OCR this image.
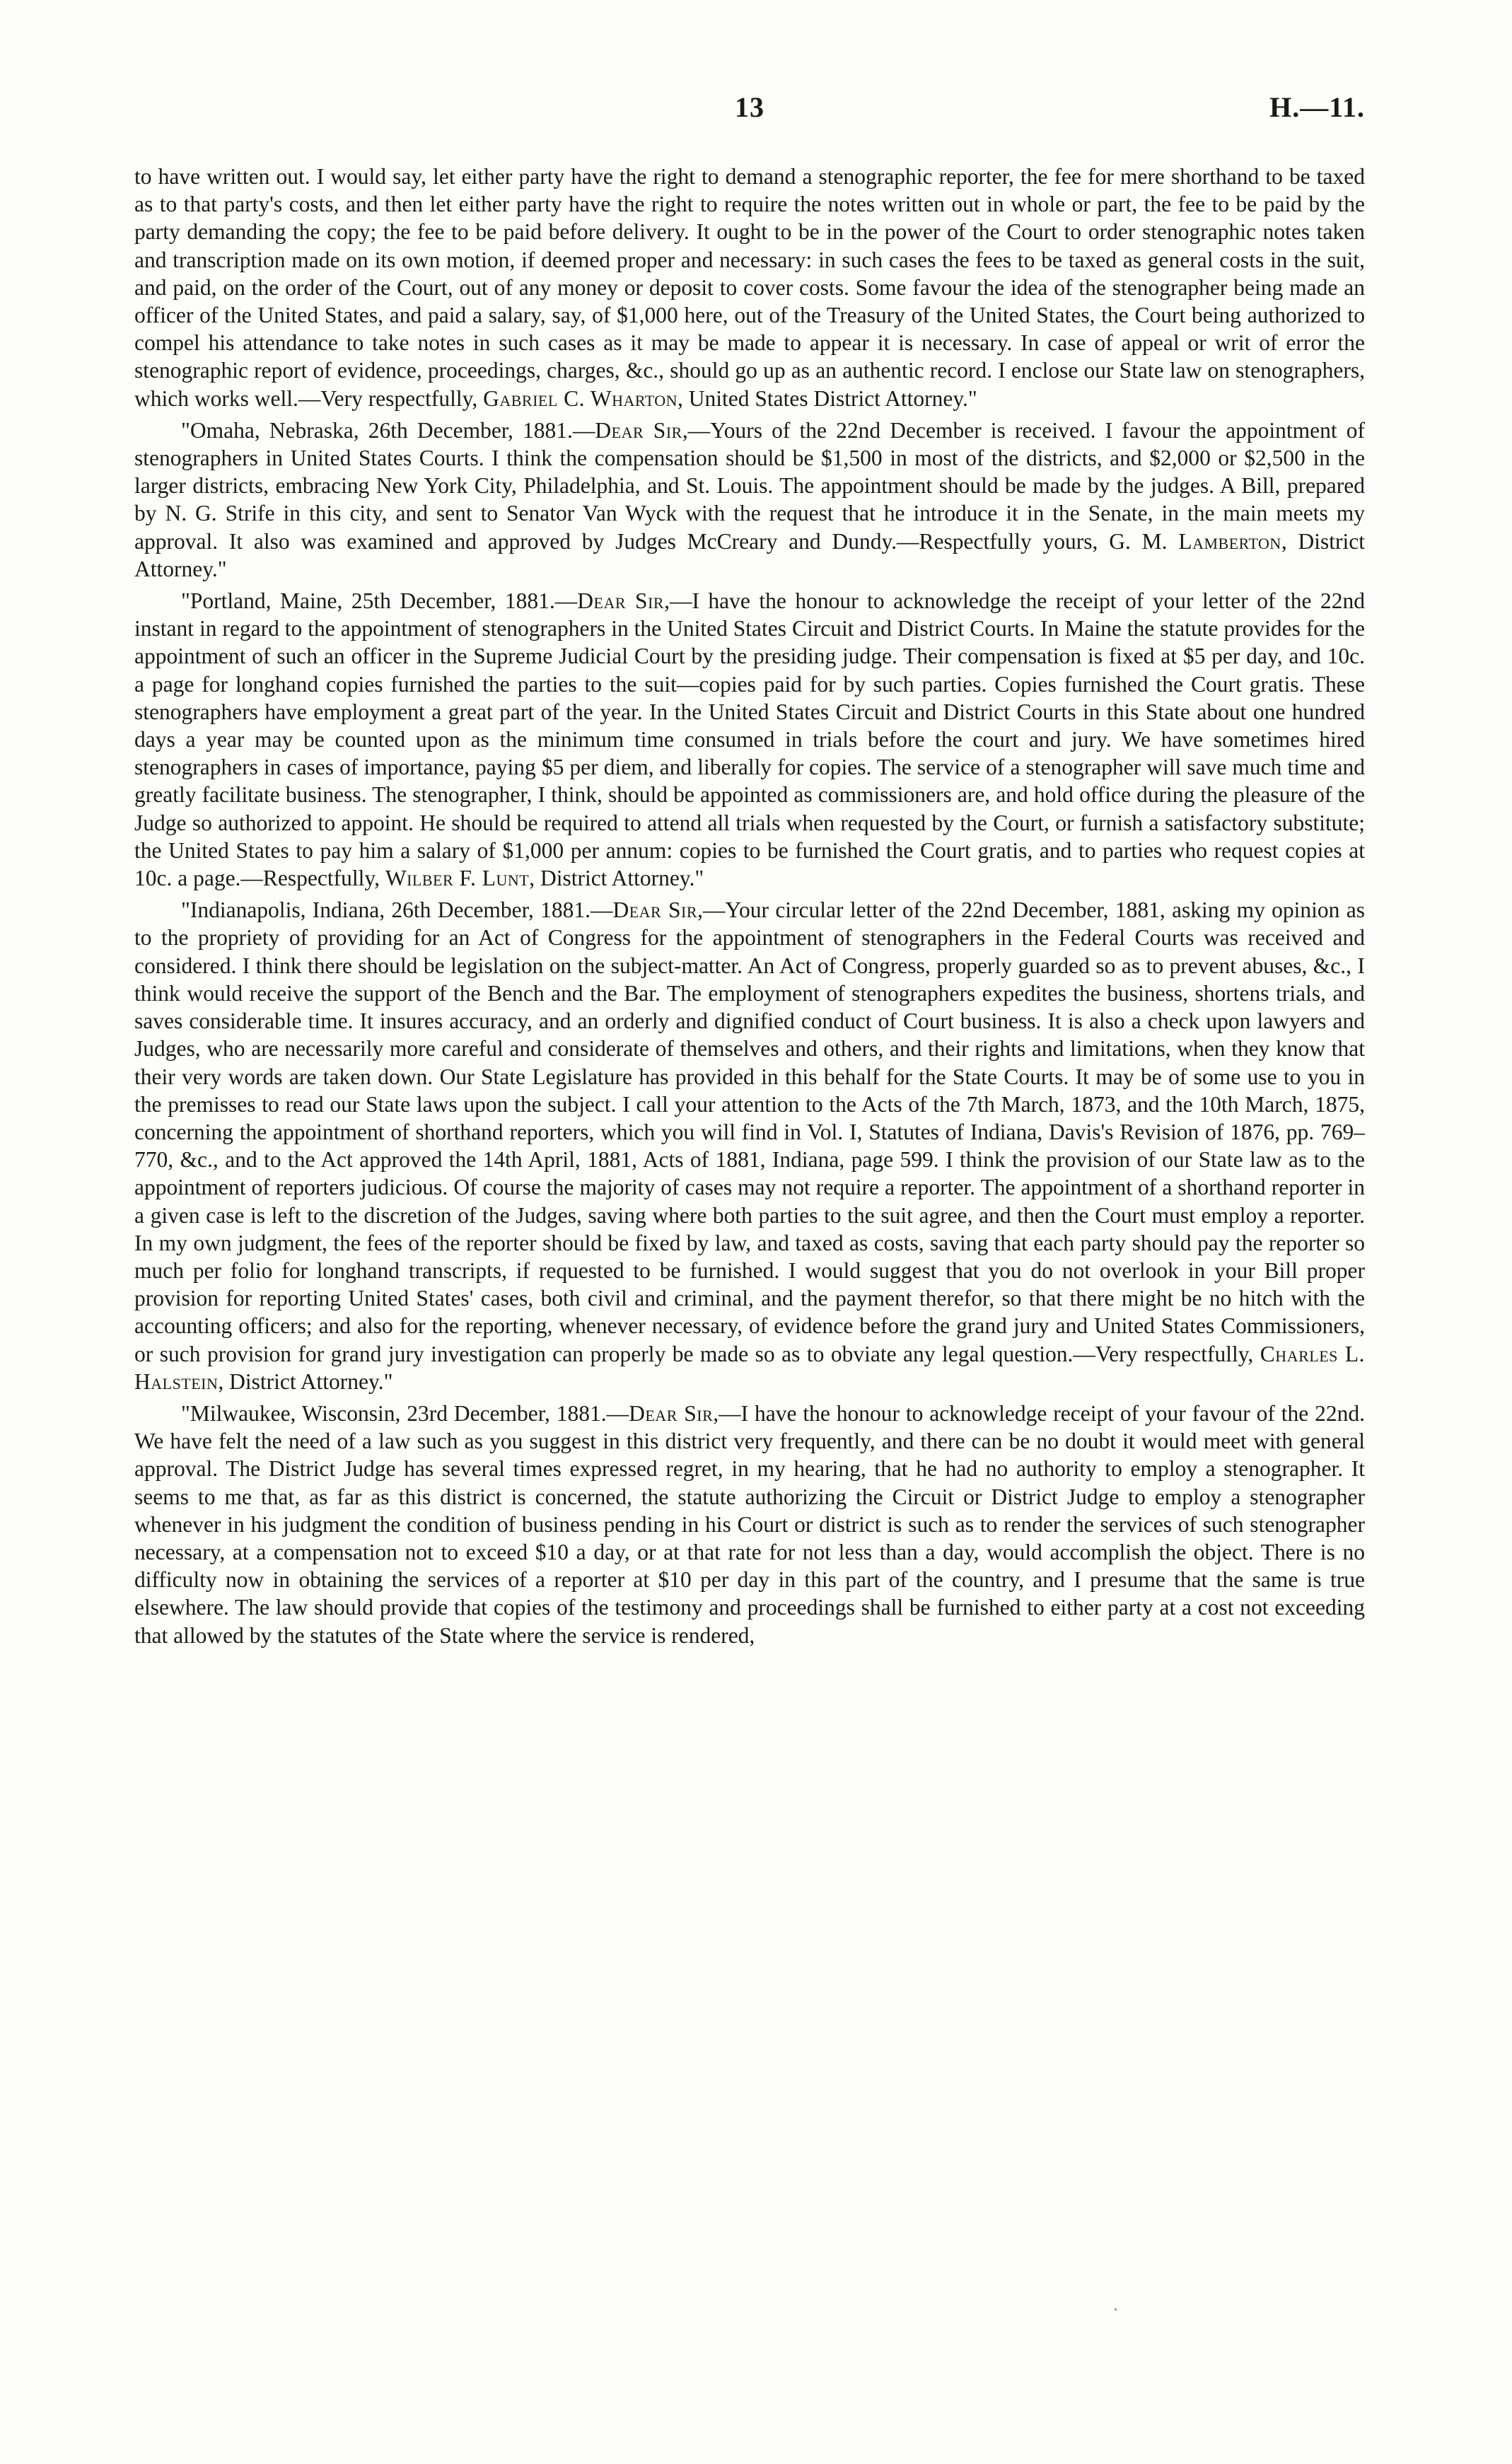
13	H.—11.

to have written out. I would say, let either party have the right to demand a stenographic reporter, the fee for mere shorthand to be taxed as to that party's costs, and then let either party have the right to require the notes written out in whole or part, the fee to be paid by the party demanding the copy; the fee to be paid before delivery. It ought to be in the power of the Court to order stenographic notes taken and transcription made on its own motion, if deemed proper and necessary: in such cases the fees to be taxed as general costs in the suit, and paid, on the order of the Court, out of any money or deposit to cover costs. Some favour the idea of the stenographer being made an officer of the United States, and paid a salary, say, of $1,000 here, out of the Treasury of the United States, the Court being authorized to compel his attendance to take notes in such cases as it may be made to appear it is necessary. In case of appeal or writ of error the stenographic report of evidence, proceedings, charges, &c., should go up as an authentic record. I enclose our State law on stenographers, which works well.—Very respectfully, Gabriel C. Wharton, United States District Attorney."

"Omaha, Nebraska, 26th December, 1881.—Dear Sir,—Yours of the 22nd December is received. I favour the appointment of stenographers in United States Courts. I think the compensation should be $1,500 in most of the districts, and $2,000 or $2,500 in the larger districts, embracing New York City, Philadelphia, and St. Louis. The appointment should be made by the judges. A Bill, prepared by N. G. Strife in this city, and sent to Senator Van Wyck with the request that he introduce it in the Senate, in the main meets my approval. It also was examined and approved by Judges McCreary and Dundy.—Respectfully yours, G. M. Lamberton, District Attorney."

"Portland, Maine, 25th December, 1881.—Dear Sir,—I have the honour to acknowledge the receipt of your letter of the 22nd instant in regard to the appointment of stenographers in the United States Circuit and District Courts. In Maine the statute provides for the appointment of such an officer in the Supreme Judicial Court by the presiding judge. Their compensation is fixed at $5 per day, and 10c. a page for longhand copies furnished the parties to the suit—copies paid for by such parties. Copies furnished the Court gratis. These stenographers have employment a great part of the year. In the United States Circuit and District Courts in this State about one hundred days a year may be counted upon as the minimum time consumed in trials before the court and jury. We have sometimes hired stenographers in cases of importance, paying $5 per diem, and liberally for copies. The service of a stenographer will save much time and greatly facilitate business. The stenographer, I think, should be appointed as commissioners are, and hold office during the pleasure of the Judge so authorized to appoint. He should be required to attend all trials when requested by the Court, or furnish a satisfactory substitute; the United States to pay him a salary of $1,000 per annum: copies to be furnished the Court gratis, and to parties who request copies at 10c. a page.—Respectfully, Wilber F. Lunt, District Attorney."

"Indianapolis, Indiana, 26th December, 1881.—Dear Sir,—Your circular letter of the 22nd December, 1881, asking my opinion as to the propriety of providing for an Act of Congress for the appointment of stenographers in the Federal Courts was received and considered. I think there should be legislation on the subject-matter. An Act of Congress, properly guarded so as to prevent abuses, &c., I think would receive the support of the Bench and the Bar. The employment of stenographers expedites the business, shortens trials, and saves considerable time. It insures accuracy, and an orderly and dignified conduct of Court business. It is also a check upon lawyers and Judges, who are necessarily more careful and considerate of themselves and others, and their rights and limitations, when they know that their very words are taken down. Our State Legislature has provided in this behalf for the State Courts. It may be of some use to you in the premisses to read our State laws upon the subject. I call your attention to the Acts of the 7th March, 1873, and the 10th March, 1875, concerning the appointment of shorthand reporters, which you will find in Vol. I, Statutes of Indiana, Davis's Revision of 1876, pp. 769–770, &c., and to the Act approved the 14th April, 1881, Acts of 1881, Indiana, page 599. I think the provision of our State law as to the appointment of reporters judicious. Of course the majority of cases may not require a reporter. The appointment of a shorthand reporter in a given case is left to the discretion of the Judges, saving where both parties to the suit agree, and then the Court must employ a reporter. In my own judgment, the fees of the reporter should be fixed by law, and taxed as costs, saving that each party should pay the reporter so much per folio for longhand transcripts, if requested to be furnished. I would suggest that you do not overlook in your Bill proper provision for reporting United States' cases, both civil and criminal, and the payment therefor, so that there might be no hitch with the accounting officers; and also for the reporting, whenever necessary, of evidence before the grand jury and United States Commissioners, or such provision for grand jury investigation can properly be made so as to obviate any legal question.—Very respectfully, Charles L. Halstein, District Attorney."

"Milwaukee, Wisconsin, 23rd December, 1881.—Dear Sir,—I have the honour to acknowledge receipt of your favour of the 22nd. We have felt the need of a law such as you suggest in this district very frequently, and there can be no doubt it would meet with general approval. The District Judge has several times expressed regret, in my hearing, that he had no authority to employ a stenographer. It seems to me that, as far as this district is concerned, the statute authorizing the Circuit or District Judge to employ a stenographer whenever in his judgment the condition of business pending in his Court or district is such as to render the services of such stenographer necessary, at a compensation not to exceed $10 a day, or at that rate for not less than a day, would accomplish the object. There is no difficulty now in obtaining the services of a reporter at $10 per day in this part of the country, and I presume that the same is true elsewhere. The law should provide that copies of the testimony and proceedings shall be furnished to either party at a cost not exceeding that allowed by the statutes of the State where the service is rendered,
